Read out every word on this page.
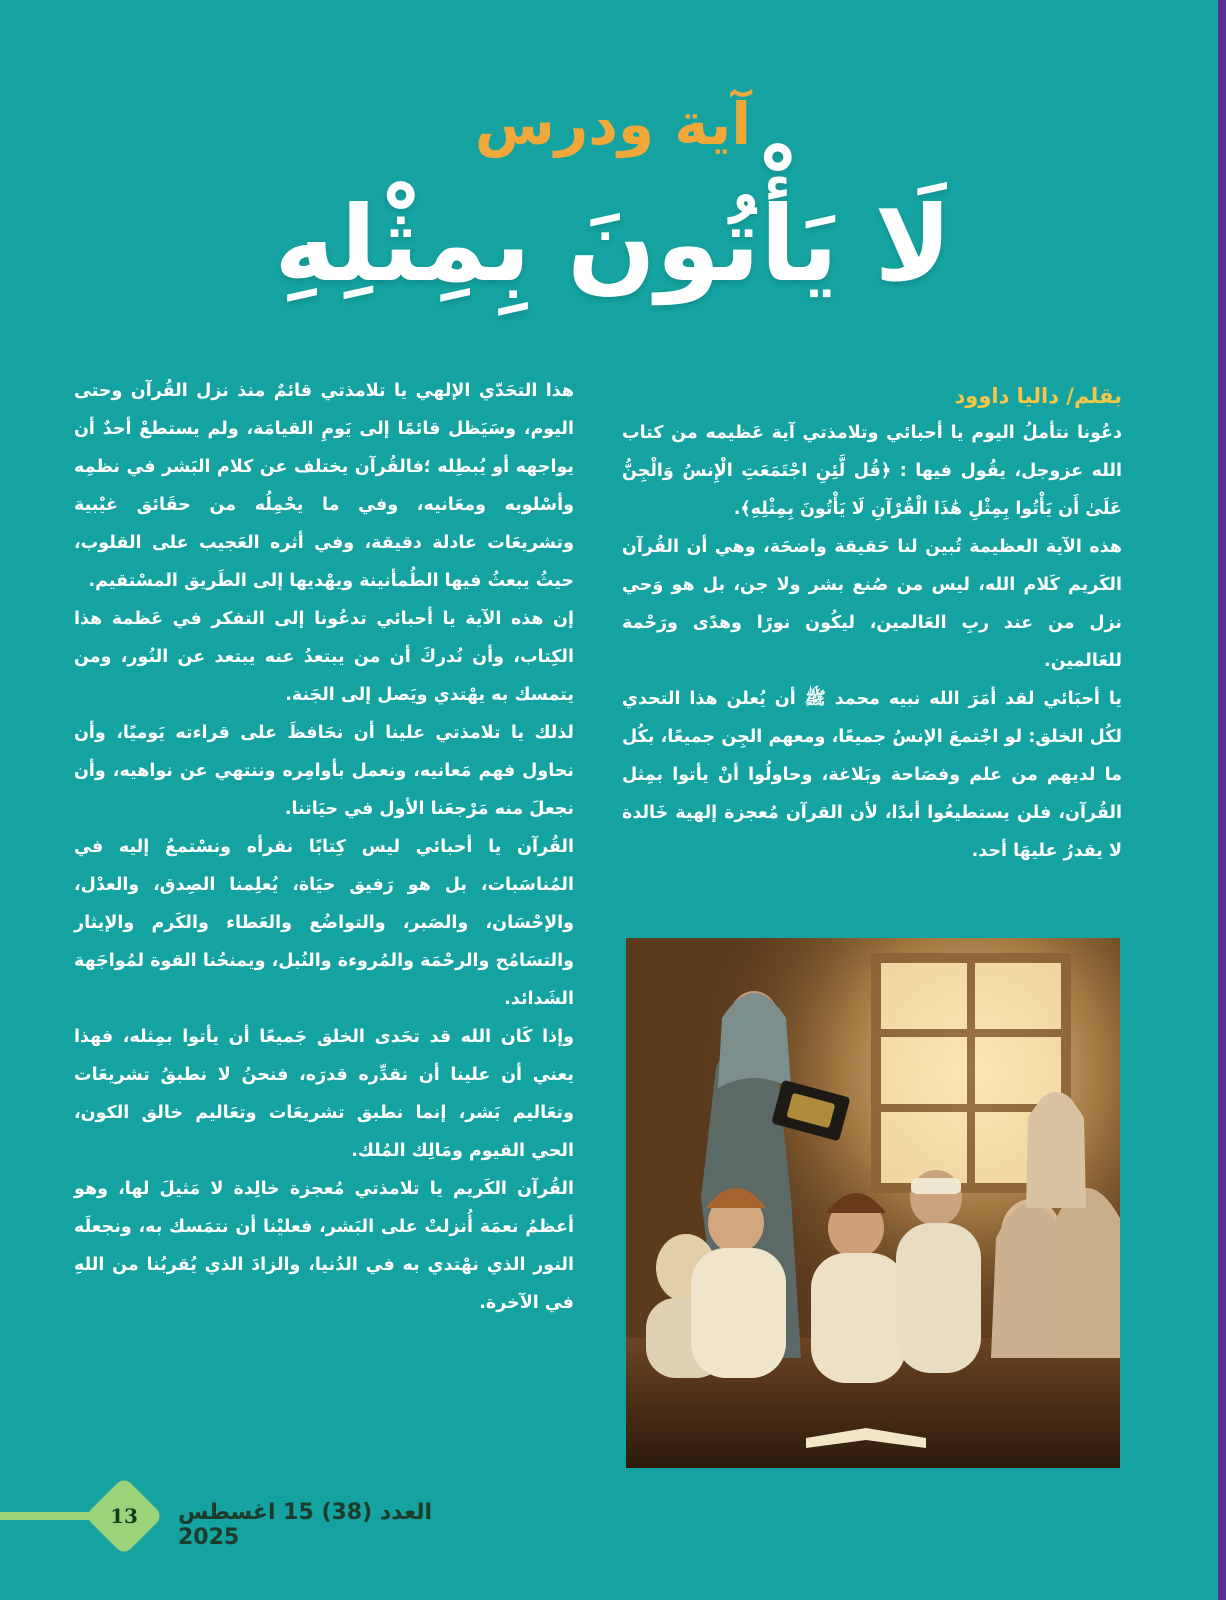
آية ودرس
لَا يَأْتُونَ بِمِثْلِهِ
بقلم/ داليا داوود

دعُونا نتأملُ اليوم يا أحبائي وتلامذتي آية عَظيمه من كتاب الله عزوجل، يقُول فيها : ﴿قُل لَّئِنِ اجْتَمَعَتِ الْإِنسُ وَالْجِنُّ عَلَىٰ أَن يَأْتُوا بِمِثْلِ هَٰذَا الْقُرْآنِ لَا يَأْتُونَ بِمِثْلِهِ﴾.

هذه الآية العظيمة تُبين لنا حَقيقة واضحَة، وهي أن القُرآن الكَريم كَلام الله، ليس من صُنع بشر ولا جن، بل هو وَحي نزل من عند ربِ العَالمين، ليكُون نورًا وهدًى ورَحْمة للعَالمين.

يا أحبَائي لقد أمَرَ الله نبيه محمد ﷺ أن يُعلن هذا التحدي لكُل الخلق: لو اجْتمعَ الإنسُ جميعًا، ومعهم الجِن جميعًا، بكُل ما لديهم من علم وفصَاحة وبَلاغة، وحاولُوا أنْ يأتوا بمِثل القُرآن، فلن يستطيعُوا أبدًا، لأن القرآن مُعجزة إلهية خَالدة لا يقدرُ عليهَا أحد.

هذا التحَدّي الإلهي يا تلامذتي قائمٌ منذ نزل القُرآن وحتى اليوم، وسَيَظل قائمًا إلى يَومِ القيامَة، ولم يستطعْ أحدٌ أن يواجهه أو يُبطِله ؛فالقُرآن يختلف عن كلام البَشر في نظمِه وأسْلوبه ومعَانيه، وفي ما يحْمِلُه من حقَائق غيْبية وتشريعَات عادلة دقيقة، وفي أثره العَجيب على القلوب، حيثُ يبعثُ فيها الطُمأنينة ويهْديها إلى الطَريق المسْتقيم.

إن هذه الآية يا أحبائي تدعُونا إلى التفكر في عَظمة هذا الكِتاب، وأن نُدركَ أن من يبتعدُ عنه يبتعد عن النُور، ومن يتمسك به يهْتدي ويَصل إلى الجَنة.

لذلك يا تلامذتي علينا أن نحَافظَ على قراءته يَوميًا، وأن نحاول فهم مَعانيه، ونعمل بأوامِره وننتهي عن نواهيه، وأن نجعلَ منه مَرْجعَنا الأول في حيَاتنا.

القُرآن يا أحبائي ليس كِتابًا نقرأه ونسْتمعُ إليه في المُناسَبات، بل هو رَفيق حيَاة، يُعلِمنا الصِدق، والعدْل، والإحْسَان، والصَبر، والتواضُع والعَطاء والكَرم والإيثار والتسَامُح والرحْمَة والمُروءة والنُبل، ويمنحُنا القوة لمُواجَهة الشَدائد.

وإذا كَان الله قد تحَدى الخلق جَميعًا أن يأتوا بمِثله، فهذا يعني أن علينا أن نقدِّره قدرَه، فنحنُ لا نطبقُ تشريعَات وتعَاليم بَشر، إنما نطبق تشريعَات وتعَاليم خالق الكون، الحي القيوم ومَالِك المُلك.

القُرآن الكَريم يا تلامذتي مُعجزة خالِدة لا مَثيلَ لها، وهو أعظمُ نعمَة أُنزلتْ على البَشر، فعليْنا أن نتمَسك به، ونجعلَه النور الذي نهْتدي به في الدُنيا، والزادَ الذي يُقربُنا من اللهِ في الآخرة.

13	العدد (38) 15 اغسطس 2025
